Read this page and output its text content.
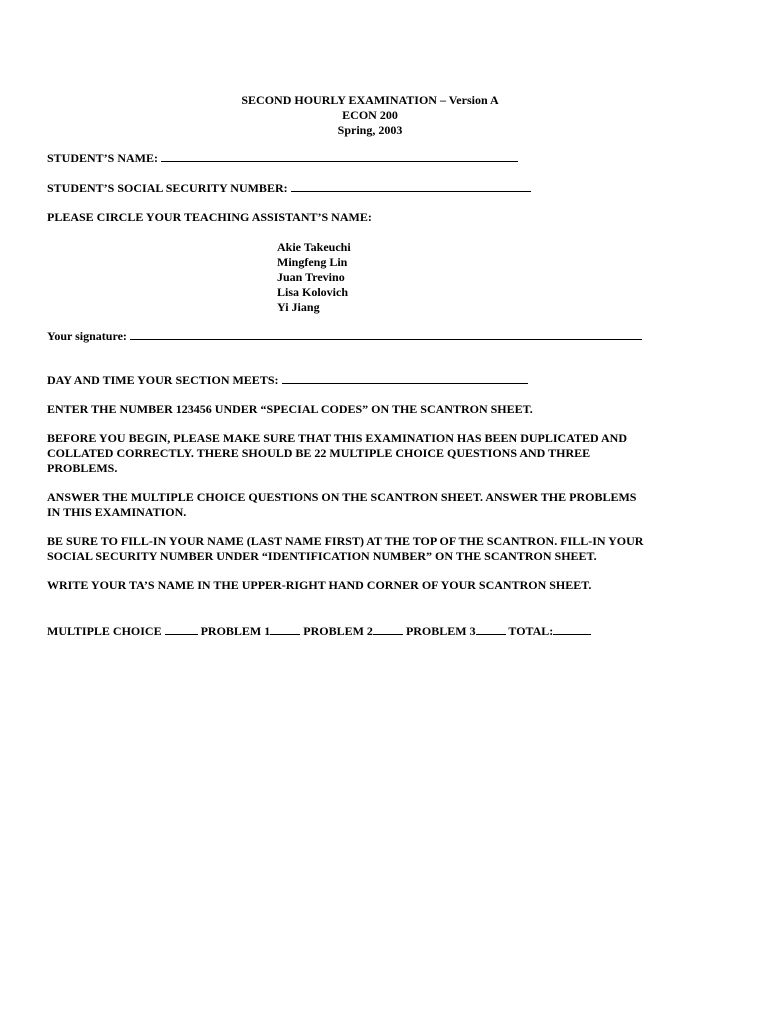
SECOND HOURLY EXAMINATION – Version A
ECON 200
Spring, 2003
STUDENT’S NAME:
STUDENT’S SOCIAL SECURITY NUMBER:
PLEASE CIRCLE YOUR TEACHING ASSISTANT’S NAME:
Akie Takeuchi
Mingfeng Lin
Juan Trevino
Lisa Kolovich
Yi Jiang
Your signature:
DAY AND TIME YOUR SECTION MEETS:
ENTER THE NUMBER 123456 UNDER “SPECIAL CODES” ON THE SCANTRON SHEET.
BEFORE YOU BEGIN, PLEASE MAKE SURE THAT THIS EXAMINATION HAS BEEN DUPLICATED AND
COLLATED CORRECTLY. THERE SHOULD BE 22 MULTIPLE CHOICE QUESTIONS AND THREE
PROBLEMS.
ANSWER THE MULTIPLE CHOICE QUESTIONS ON THE SCANTRON SHEET. ANSWER THE PROBLEMS
IN THIS EXAMINATION.
BE SURE TO FILL-IN YOUR NAME (LAST NAME FIRST) AT THE TOP OF THE SCANTRON. FILL-IN YOUR
SOCIAL SECURITY NUMBER UNDER “IDENTIFICATION NUMBER” ON THE SCANTRON SHEET.
WRITE YOUR TA’S NAME IN THE UPPER-RIGHT HAND CORNER OF YOUR SCANTRON SHEET.
MULTIPLE CHOICE	PROBLEM 1	PROBLEM 2	PROBLEM 3	TOTAL:
